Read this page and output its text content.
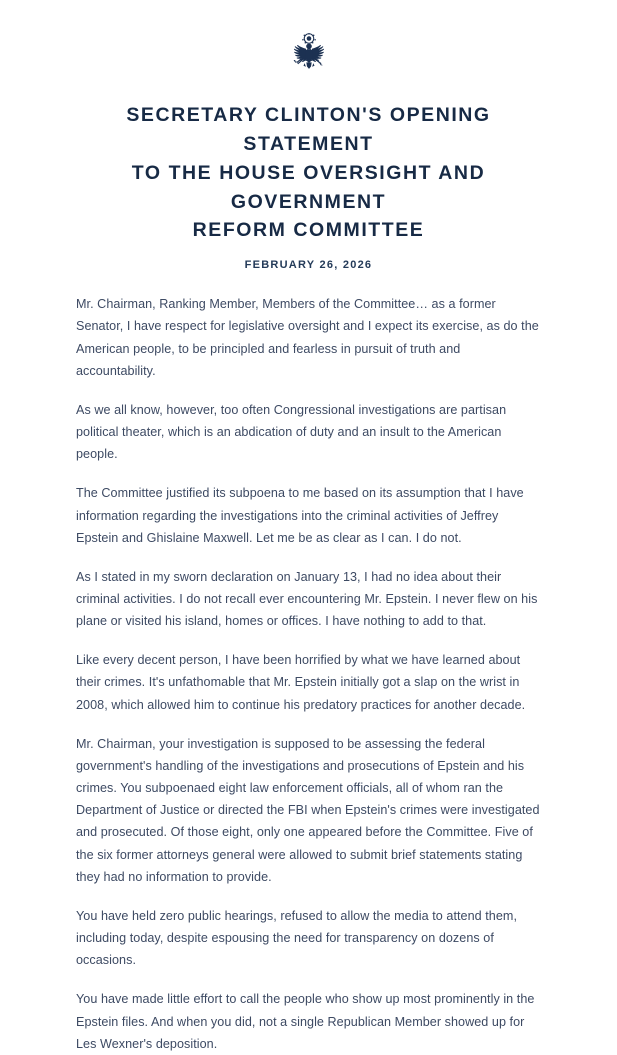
SECRETARY CLINTON'S OPENING STATEMENT
TO THE HOUSE OVERSIGHT AND GOVERNMENT
REFORM COMMITTEE
FEBRUARY 26, 2026

Mr. Chairman, Ranking Member, Members of the Committee… as a former Senator, I have respect for legislative oversight and I expect its exercise, as do the American people, to be principled and fearless in pursuit of truth and accountability.

As we all know, however, too often Congressional investigations are partisan political theater, which is an abdication of duty and an insult to the American people.

The Committee justified its subpoena to me based on its assumption that I have information regarding the investigations into the criminal activities of Jeffrey Epstein and Ghislaine Maxwell. Let me be as clear as I can. I do not.

As I stated in my sworn declaration on January 13, I had no idea about their criminal activities. I do not recall ever encountering Mr. Epstein. I never flew on his plane or visited his island, homes or offices. I have nothing to add to that.

Like every decent person, I have been horrified by what we have learned about their crimes. It's unfathomable that Mr. Epstein initially got a slap on the wrist in 2008, which allowed him to continue his predatory practices for another decade.

Mr. Chairman, your investigation is supposed to be assessing the federal government's handling of the investigations and prosecutions of Epstein and his crimes. You subpoenaed eight law enforcement officials, all of whom ran the Department of Justice or directed the FBI when Epstein's crimes were investigated and prosecuted. Of those eight, only one appeared before the Committee. Five of the six former attorneys general were allowed to submit brief statements stating they had no information to provide.

You have held zero public hearings, refused to allow the media to attend them, including today, despite espousing the need for transparency on dozens of occasions.

You have made little effort to call the people who show up most prominently in the Epstein files. And when you did, not a single Republican Member showed up for Les Wexner's deposition.
